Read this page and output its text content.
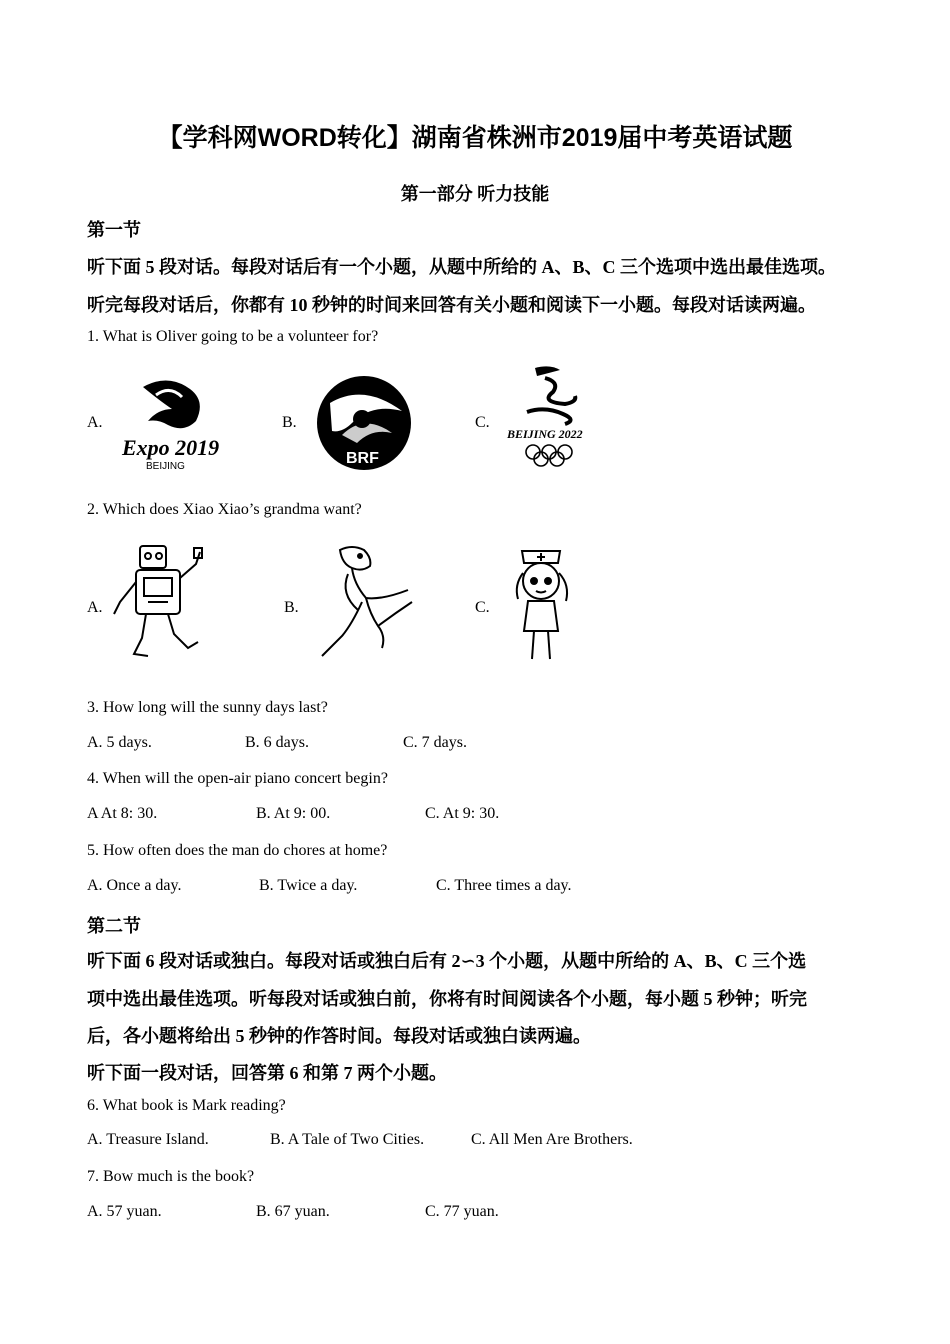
【学科网WORD转化】湖南省株洲市2019届中考英语试题
第一部分 听力技能
第一节
听下面 5 段对话。每段对话后有一个小题，从题中所给的 A、B、C 三个选项中选出最佳选项。
听完每段对话后，你都有 10 秒钟的时间来回答有关小题和阅读下一小题。每段对话读两遍。
1. What is Oliver going to be a volunteer for?
A.	B.	C.
Expo 2019
BEIJING	BRF
BEIJING 2022
2. Which does Xiao Xiao’s grandma want?
A.	B.	C.
3. How long will the sunny days last?
A. 5 days.	B. 6 days.	C. 7 days.
4. When will the open-air piano concert begin?
A At 8: 30.	B. At 9: 00.	C. At 9: 30.
5. How often does the man do chores at home?
A. Once a day.	B. Twice a day.	C. Three times a day.
第二节
听下面 6 段对话或独白。每段对话或独白后有 2∽3 个小题，从题中所给的 A、B、C 三个选
项中选出最佳选项。听每段对话或独白前，你将有时间阅读各个小题，每小题 5 秒钟；听完
后，各小题将给出 5 秒钟的作答时间。每段对话或独白读两遍。
听下面一段对话，回答第 6 和第 7 两个小题。
6. What book is Mark reading?
A. Treasure Island.	B. A Tale of Two Cities.	C. All Men Are Brothers.
7. Bow much is the book?
A. 57 yuan.	B. 67 yuan.	C. 77 yuan.
